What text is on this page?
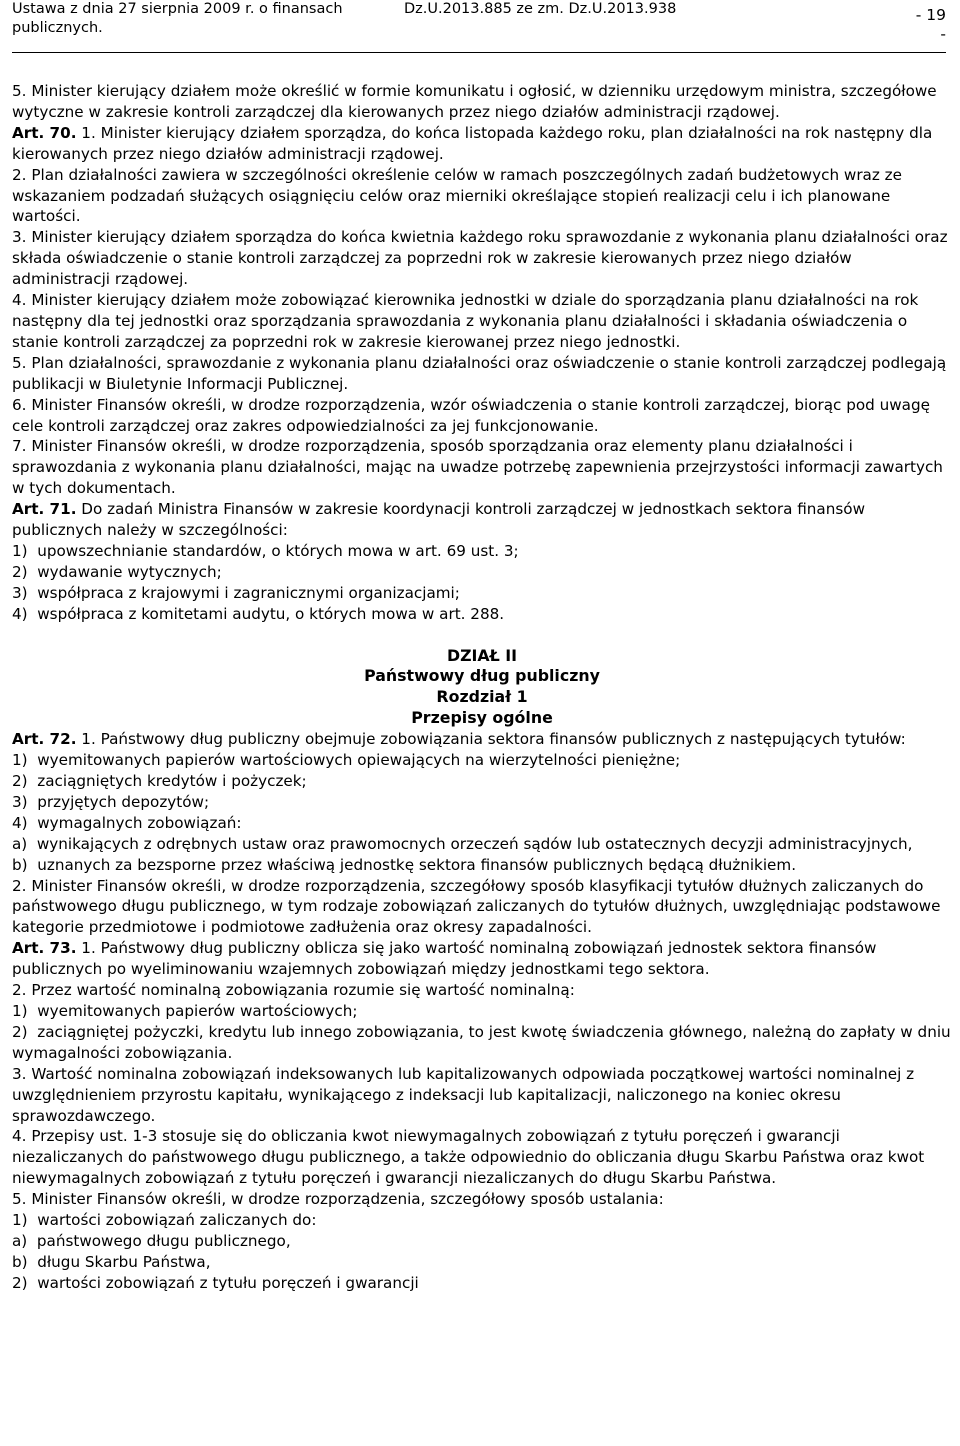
Ustawa z dnia 27 sierpnia 2009 r. o finansach
publicznych.
Dz.U.2013.885 ze zm. Dz.U.2013.938	- 19
-

5. Minister kierujący działem może określić w formie komunikatu i ogłosić, w dzienniku urzędowym ministra, szczegółowe wytyczne w zakresie kontroli zarządczej dla kierowanych przez niego działów administracji rządowej.

Art. 70. 1. Minister kierujący działem sporządza, do końca listopada każdego roku, plan działalności na rok następny dla kierowanych przez niego działów administracji rządowej.

2. Plan działalności zawiera w szczególności określenie celów w ramach poszczególnych zadań budżetowych wraz ze wskazaniem podzadań służących osiągnięciu celów oraz mierniki określające stopień realizacji celu i ich planowane wartości.

3. Minister kierujący działem sporządza do końca kwietnia każdego roku sprawozdanie z wykonania planu działalności oraz składa oświadczenie o stanie kontroli zarządczej za poprzedni rok w zakresie kierowanych przez niego działów administracji rządowej.

4. Minister kierujący działem może zobowiązać kierownika jednostki w dziale do sporządzania planu działalności na rok następny dla tej jednostki oraz sporządzania sprawozdania z wykonania planu działalności i składania oświadczenia o stanie kontroli zarządczej za poprzedni rok w zakresie kierowanej przez niego jednostki.

5. Plan działalności, sprawozdanie z wykonania planu działalności oraz oświadczenie o stanie kontroli zarządczej podlegają publikacji w Biuletynie Informacji Publicznej.

6. Minister Finansów określi, w drodze rozporządzenia, wzór oświadczenia o stanie kontroli zarządczej, biorąc pod uwagę cele kontroli zarządczej oraz zakres odpowiedzialności za jej funkcjonowanie.

7. Minister Finansów określi, w drodze rozporządzenia, sposób sporządzania oraz elementy planu działalności i sprawozdania z wykonania planu działalności, mając na uwadze potrzebę zapewnienia przejrzystości informacji zawartych w tych dokumentach.

Art. 71. Do zadań Ministra Finansów w zakresie koordynacji kontroli zarządczej w jednostkach sektora finansów publicznych należy w szczególności:

1)  upowszechnianie standardów, o których mowa w art. 69 ust. 3;

2)  wydawanie wytycznych;

3)  współpraca z krajowymi i zagranicznymi organizacjami;

4)  współpraca z komitetami audytu, o których mowa w art. 288.

DZIAŁ II

Państwowy dług publiczny

Rozdział 1

Przepisy ogólne

Art. 72. 1. Państwowy dług publiczny obejmuje zobowiązania sektora finansów publicznych z następujących tytułów:

1)  wyemitowanych papierów wartościowych opiewających na wierzytelności pieniężne;

2)  zaciągniętych kredytów i pożyczek;

3)  przyjętych depozytów;

4)  wymagalnych zobowiązań:

a)  wynikających z odrębnych ustaw oraz prawomocnych orzeczeń sądów lub ostatecznych decyzji administracyjnych,

b)  uznanych za bezsporne przez właściwą jednostkę sektora finansów publicznych będącą dłużnikiem.

2. Minister Finansów określi, w drodze rozporządzenia, szczegółowy sposób klasyfikacji tytułów dłużnych zaliczanych do państwowego długu publicznego, w tym rodzaje zobowiązań zaliczanych do tytułów dłużnych, uwzględniając podstawowe kategorie przedmiotowe i podmiotowe zadłużenia oraz okresy zapadalności.

Art. 73. 1. Państwowy dług publiczny oblicza się jako wartość nominalną zobowiązań jednostek sektora finansów publicznych po wyeliminowaniu wzajemnych zobowiązań między jednostkami tego sektora.

2. Przez wartość nominalną zobowiązania rozumie się wartość nominalną:

1)  wyemitowanych papierów wartościowych;

2)  zaciągniętej pożyczki, kredytu lub innego zobowiązania, to jest kwotę świadczenia głównego, należną do zapłaty w dniu wymagalności zobowiązania.

3. Wartość nominalna zobowiązań indeksowanych lub kapitalizowanych odpowiada początkowej wartości nominalnej z uwzględnieniem przyrostu kapitału, wynikającego z indeksacji lub kapitalizacji, naliczonego na koniec okresu sprawozdawczego.

4. Przepisy ust. 1-3 stosuje się do obliczania kwot niewymagalnych zobowiązań z tytułu poręczeń i gwarancji niezaliczanych do państwowego długu publicznego, a także odpowiednio do obliczania długu Skarbu Państwa oraz kwot niewymagalnych zobowiązań z tytułu poręczeń i gwarancji niezaliczanych do długu Skarbu Państwa.

5. Minister Finansów określi, w drodze rozporządzenia, szczegółowy sposób ustalania:

1)  wartości zobowiązań zaliczanych do:

a)  państwowego długu publicznego,

b)  długu Skarbu Państwa,

2)  wartości zobowiązań z tytułu poręczeń i gwarancji
